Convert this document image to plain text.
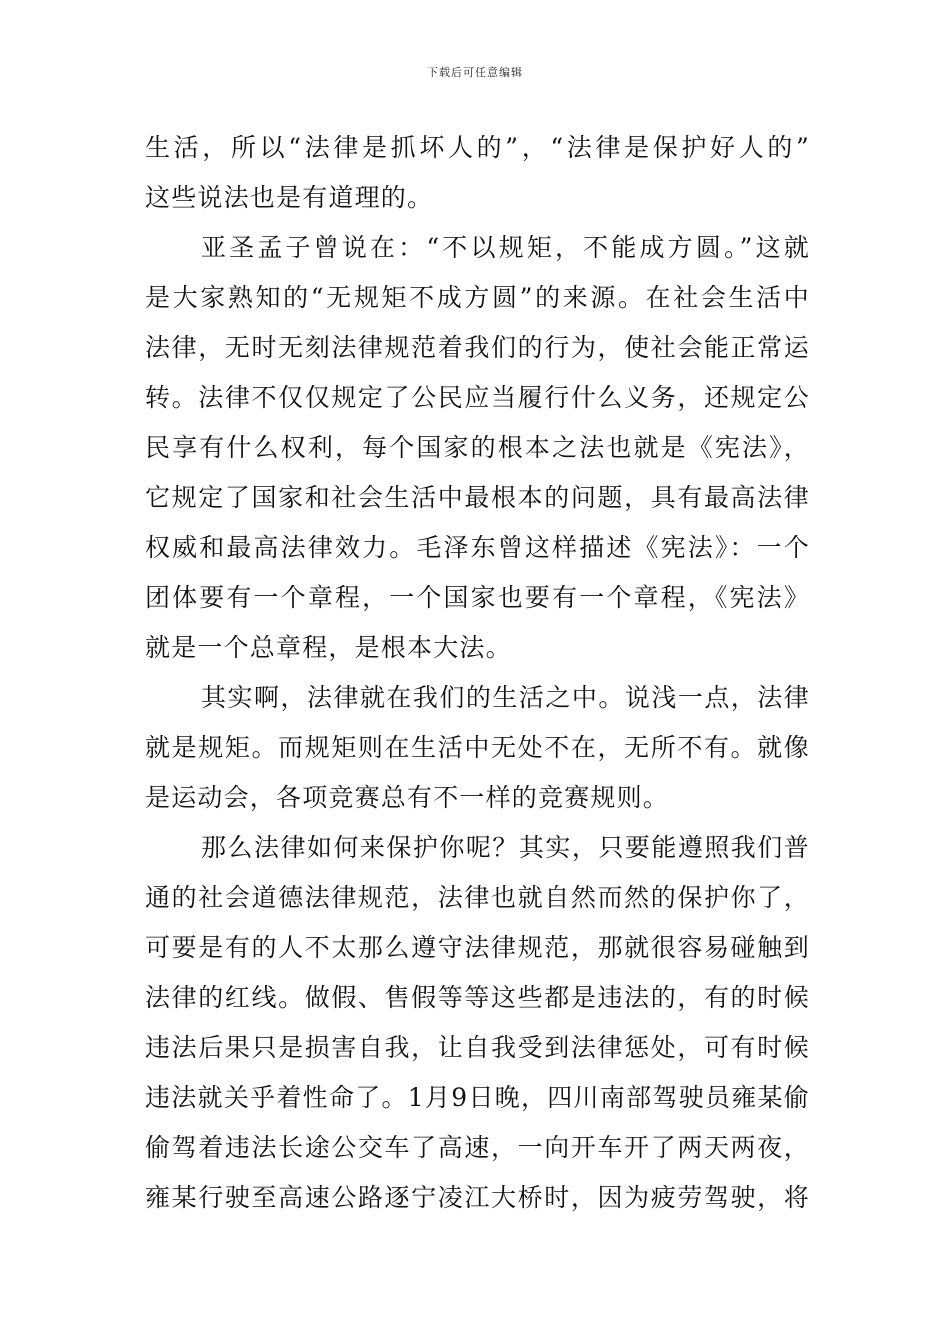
下载后可任意编辑
生活，所以“法律是抓坏人的”，“法律是保护好人的”
这些说法也是有道理的。
亚圣孟子曾说在：“不以规矩，不能成方圆。”这就
是大家熟知的“无规矩不成方圆”的来源。在社会生活中
法律，无时无刻法律规范着我们的行为，使社会能正常运
转。法律不仅仅规定了公民应当履行什么义务，还规定公
民享有什么权利，每个国家的根本之法也就是《宪法》，
它规定了国家和社会生活中最根本的问题，具有最高法律
权威和最高法律效力。毛泽东曾这样描述《宪法》：一个
团体要有一个章程，一个国家也要有一个章程，《宪法》
就是一个总章程，是根本大法。
其实啊，法律就在我们的生活之中。说浅一点，法律
就是规矩。而规矩则在生活中无处不在，无所不有。就像
是运动会，各项竞赛总有不一样的竞赛规则。
那么法律如何来保护你呢？其实，只要能遵照我们普
通的社会道德法律规范，法律也就自然而然的保护你了，
可要是有的人不太那么遵守法律规范，那就很容易碰触到
法律的红线。做假、售假等等这些都是违法的，有的时候
违法后果只是损害自我，让自我受到法律惩处，可有时候
违法就关乎着性命了。1月9日晚，四川南部驾驶员雍某偷
偷驾着违法长途公交车了高速，一向开车开了两天两夜，
雍某行驶至高速公路逐宁凌江大桥时，因为疲劳驾驶，将
